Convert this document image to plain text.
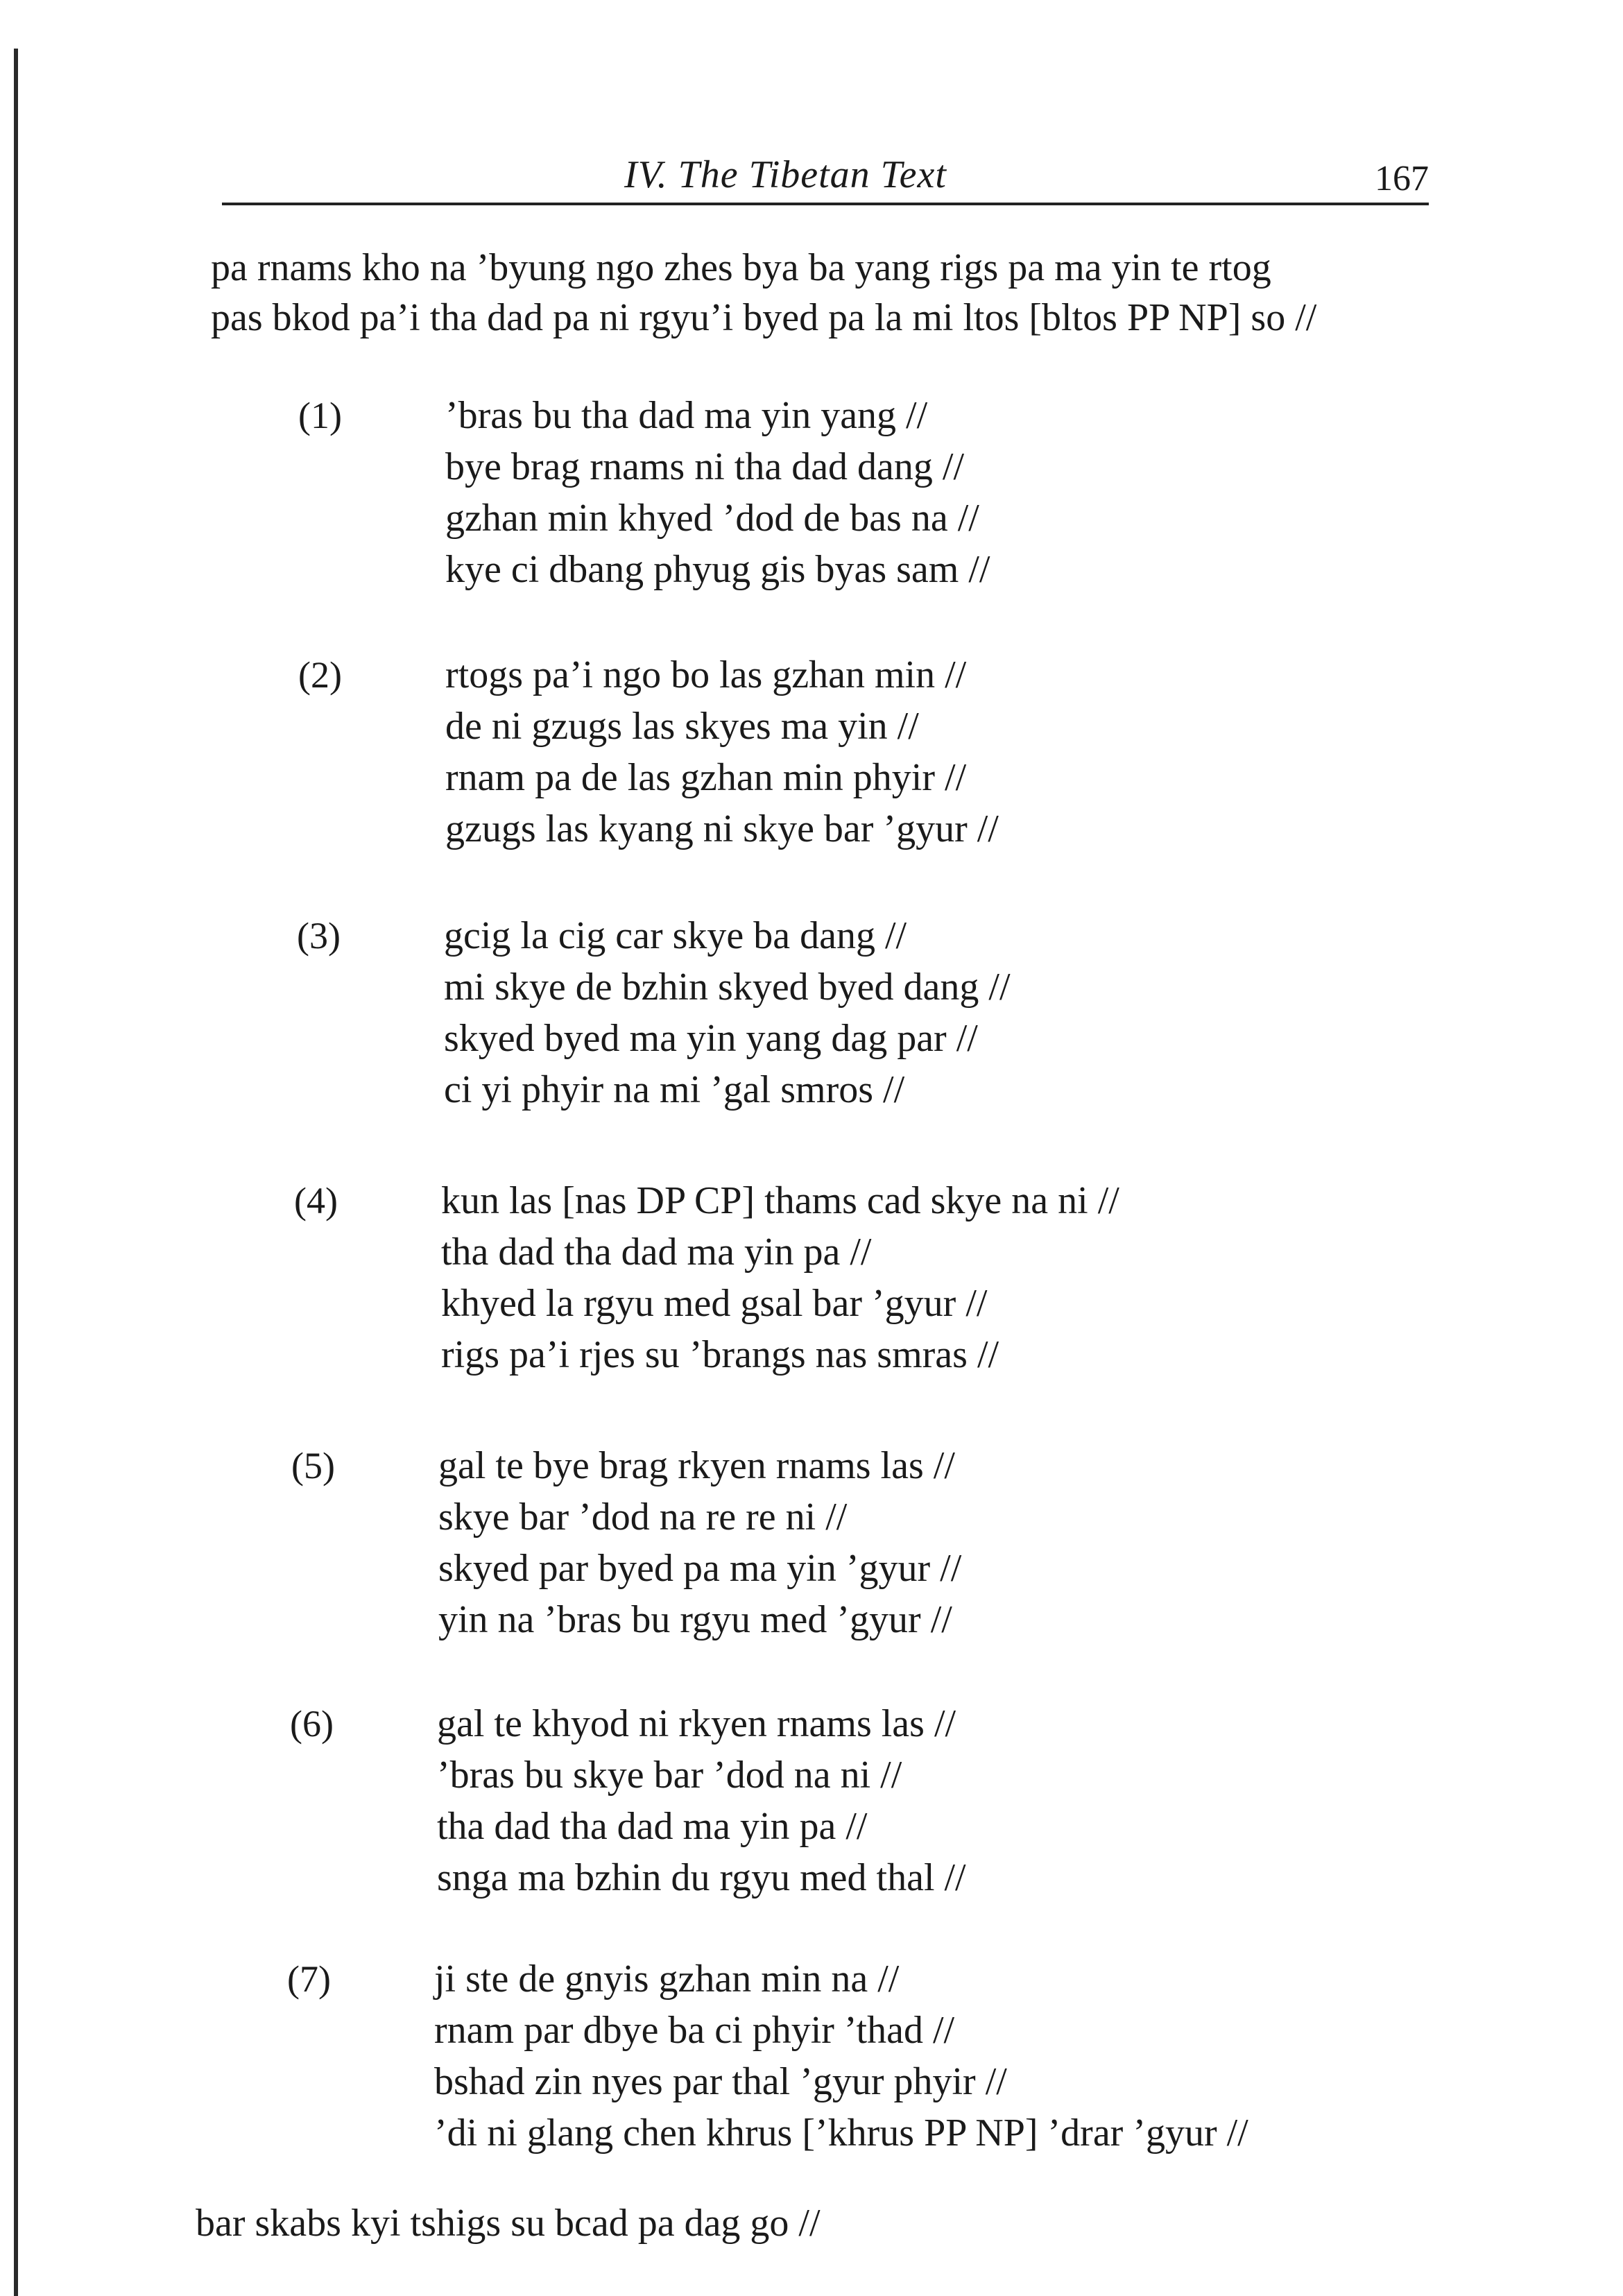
IV. The Tibetan Text	167
pa rnams kho na ’byung ngo zhes bya ba yang rigs pa ma yin te rtog
pas bkod pa’i tha dad pa ni rgyu’i byed pa la mi ltos [bltos PP NP] so //
(1)	’bras bu tha dad ma yin yang //
bye brag rnams ni tha dad dang //
gzhan min khyed ’dod de bas na //
kye ci dbang phyug gis byas sam //
(2)	rtogs pa’i ngo bo las gzhan min //
de ni gzugs las skyes ma yin //
rnam pa de las gzhan min phyir //
gzugs las kyang ni skye bar ’gyur //
(3)	gcig la cig car skye ba dang //
mi skye de bzhin skyed byed dang //
skyed byed ma yin yang dag par //
ci yi phyir na mi ’gal smros //
(4)	kun las [nas DP CP] thams cad skye na ni //
tha dad tha dad ma yin pa //
khyed la rgyu med gsal bar ’gyur //
rigs pa’i rjes su ’brangs nas smras //
(5)	gal te bye brag rkyen rnams las //
skye bar ’dod na re re ni //
skyed par byed pa ma yin ’gyur //
yin na ’bras bu rgyu med ’gyur //
(6)	gal te khyod ni rkyen rnams las //
’bras bu skye bar ’dod na ni //
tha dad tha dad ma yin pa //
snga ma bzhin du rgyu med thal //
(7)	ji ste de gnyis gzhan min na //
rnam par dbye ba ci phyir ’thad //
bshad zin nyes par thal ’gyur phyir //
’di ni glang chen khrus [’khrus PP NP] ’drar ’gyur //
bar skabs kyi tshigs su bcad pa dag go //
